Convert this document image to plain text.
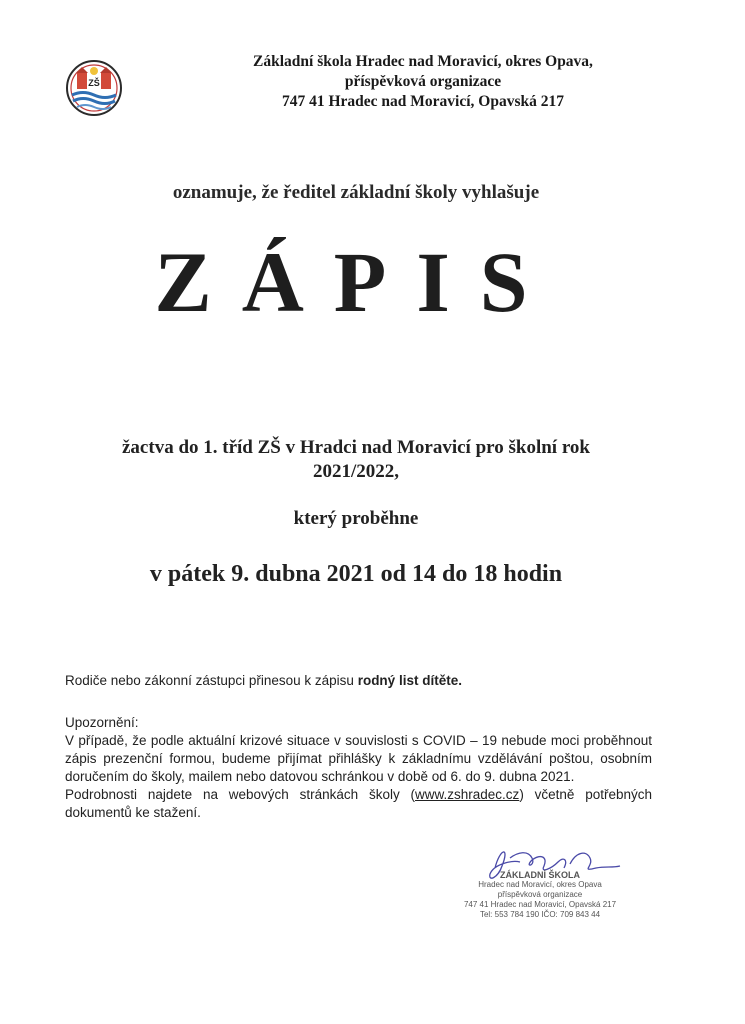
ZŠ
Základní škola Hradec nad Moravicí, okres Opava,
příspěvková organizace
747 41 Hradec nad Moravicí, Opavská 217
oznamuje, že ředitel základní školy vyhlašuje
ZÁPIS
žactva do 1. tříd ZŠ v Hradci nad Moravicí pro školní rok
2021/2022,
který proběhne
v pátek 9. dubna 2021 od 14 do 18 hodin
Rodiče nebo zákonní zástupci přinesou k zápisu rodný list dítěte.

Upozornění:

V případě, že podle aktuální krizové situace v souvislosti s COVID – 19 nebude moci proběhnout zápis prezenční formou, budeme přijímat přihlášky k základnímu vzdělávání poštou, osobním doručením do školy, mailem nebo datovou schránkou v době od 6. do 9. dubna 2021.

Podrobnosti najdete na webových stránkách školy (www.zshradec.cz) včetně potřebných dokumentů ke stažení.

ZÁKLADNÍ ŠKOLA
Hradec nad Moravicí, okres Opava
příspěvková organizace
747 41 Hradec nad Moravicí, Opavská 217
Tel: 553 784 190 IČO: 709 843 44
